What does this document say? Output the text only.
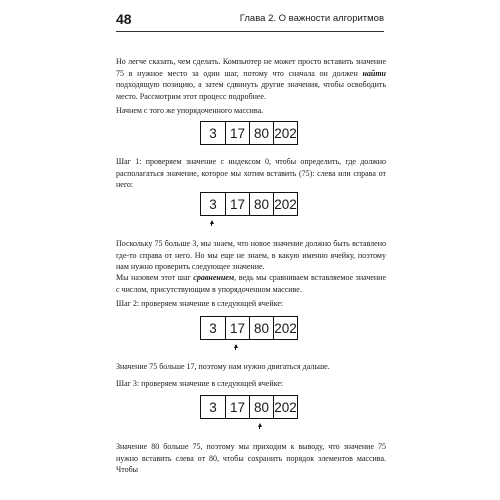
48	Глава 2. О важности алгоритмов

Но легче сказать, чем сделать. Компьютер не может просто вставить значение 75 в нужное место за один шаг, потому что сначала он должен найти подходящую позицию, а затем сдвинуть другие значения, чтобы освободить место. Рассмотрим этот процесс подробнее.

Начнем с того же упорядоченного массива.

3 17 80 202

Шаг 1: проверяем значение с индексом 0, чтобы определить, где должно располагаться значение, которое мы хотим вставить (75): слева или справа от него:

3 17 80 202

Поскольку 75 больше 3, мы знаем, что новое значение должно быть вставлено где-то справа от него. Но мы еще не знаем, в какую именно ячейку, поэтому нам нужно проверить следующее значение.

Мы назовем этот шаг сравнением, ведь мы сравниваем вставляемое значение с числом, присутствующим в упорядоченном массиве.

Шаг 2: проверяем значение в следующей ячейке:

3 17 80 202

Значение 75 больше 17, поэтому нам нужно двигаться дальше.

Шаг 3: проверяем значение в следующей ячейке:

3 17 80 202

Значение 80 больше 75, поэтому мы приходим к выводу, что значение 75 нужно вставить слева от 80, чтобы сохранить порядок элементов массива. Чтобы
